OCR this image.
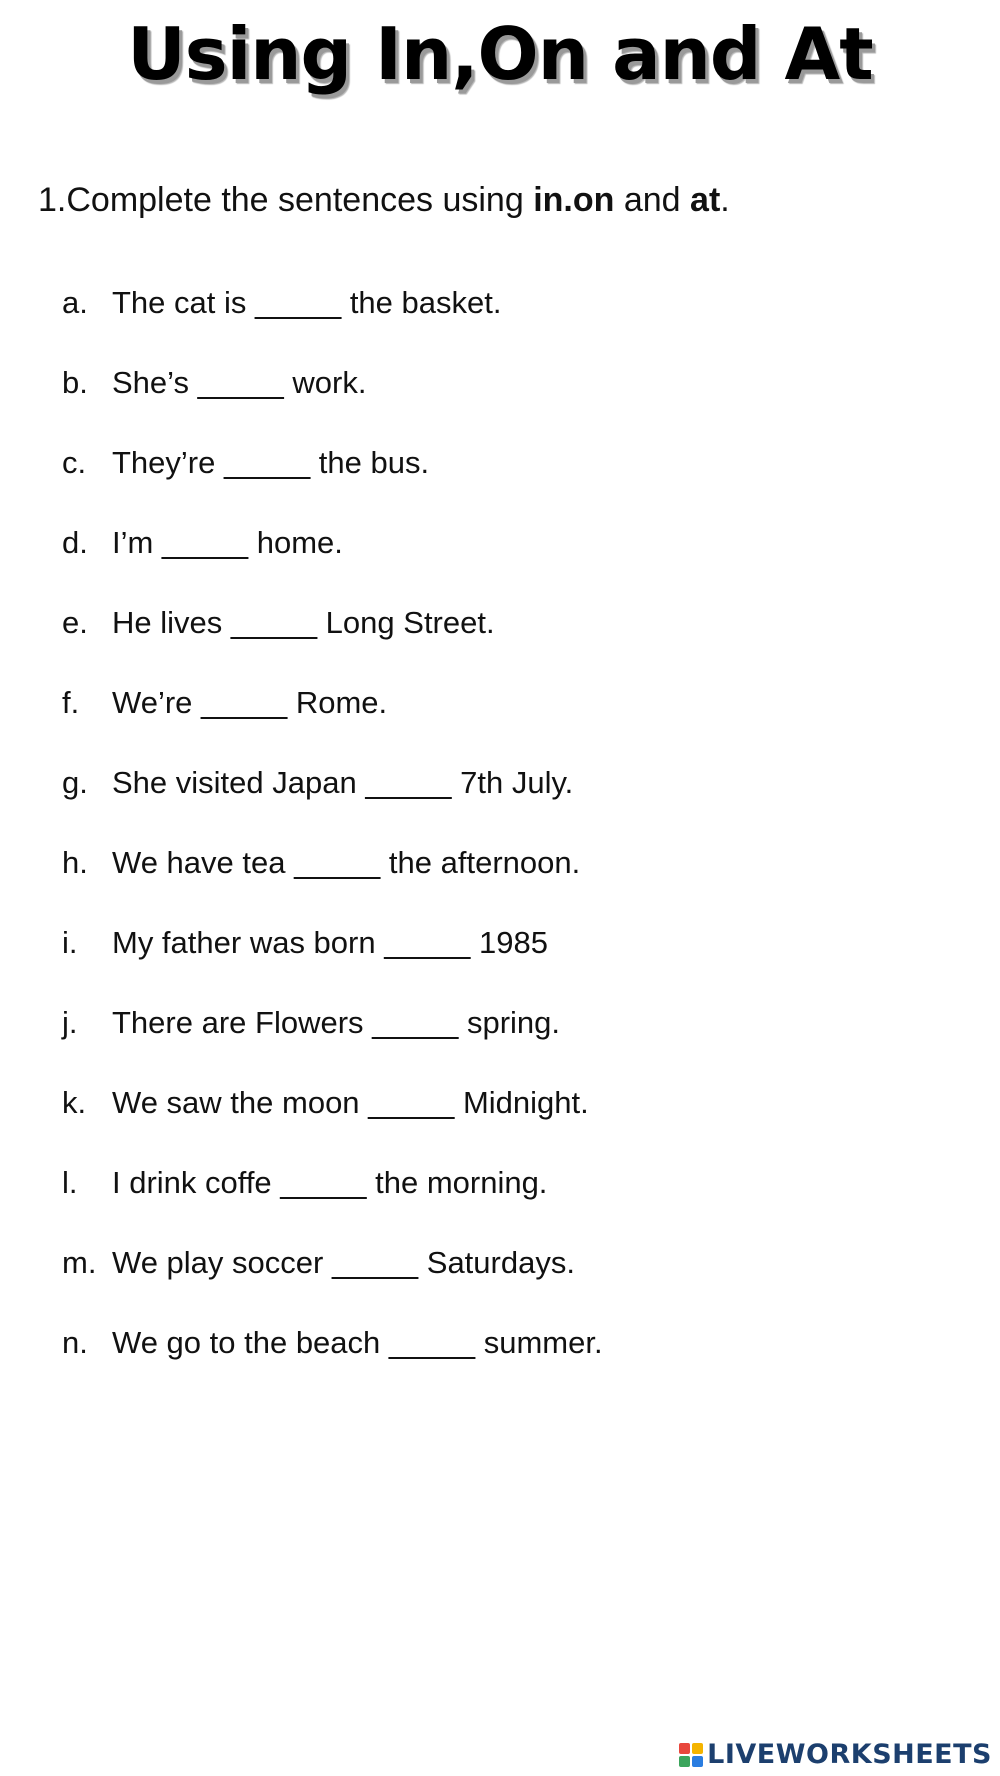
Using In,On and At
1.Complete the sentences using in.on and at.
a. The cat is _____ the basket.
b. She’s _____ work.
c. They’re _____ the bus.
d. I’m _____ home.
e. He lives _____ Long Street.
f. We’re _____ Rome.
g. She visited Japan _____ 7th July.
h. We have tea _____ the afternoon.
i. My father was born _____ 1985
j. There are Flowers _____ spring.
k. We saw the moon _____ Midnight.
l. I drink coffe _____ the morning.
m. We play soccer _____ Saturdays.
n. We go to the beach _____ summer.
LIVEWORKSHEETS
